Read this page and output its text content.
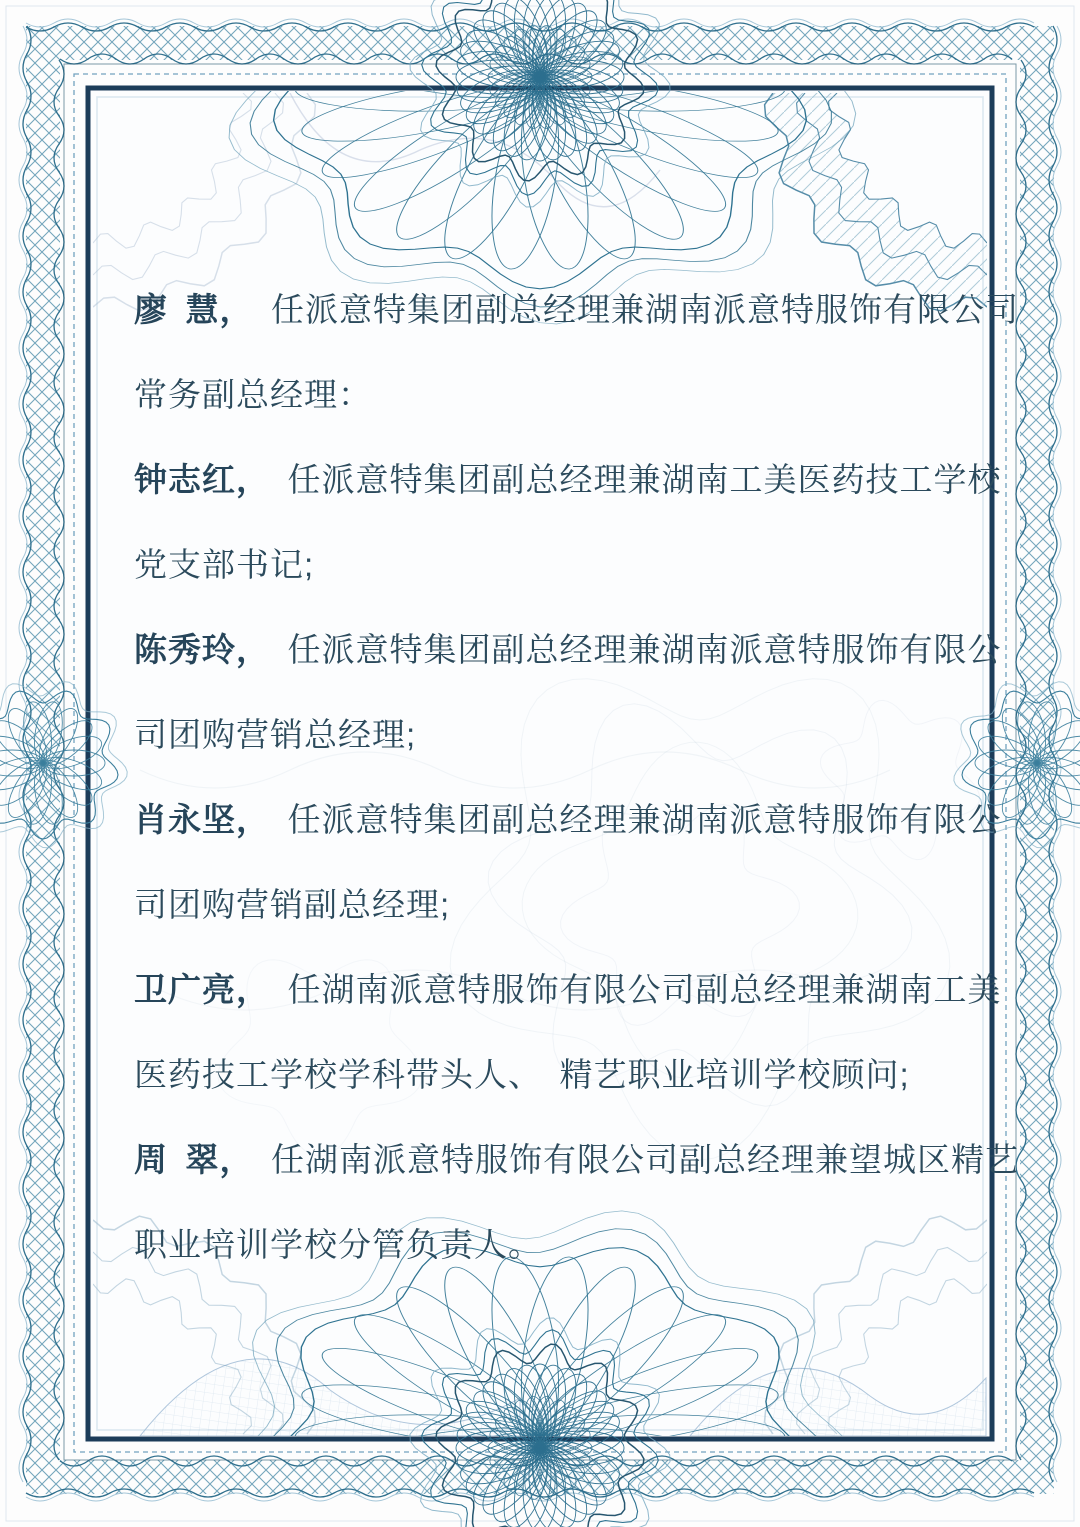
廖 慧， 任派意特集团副总经理兼湖南派意特服饰有限公司
常务副总经理：
钟志红， 任派意特集团副总经理兼湖南工美医药技工学校
党支部书记;
陈秀玲， 任派意特集团副总经理兼湖南派意特服饰有限公
司团购营销总经理;
肖永坚， 任派意特集团副总经理兼湖南派意特服饰有限公
司团购营销副总经理;
卫广亮， 任湖南派意特服饰有限公司副总经理兼湖南工美
医药技工学校学科带头人、 精艺职业培训学校顾问;
周 翠， 任湖南派意特服饰有限公司副总经理兼望城区精艺
职业培训学校分管负责人。
